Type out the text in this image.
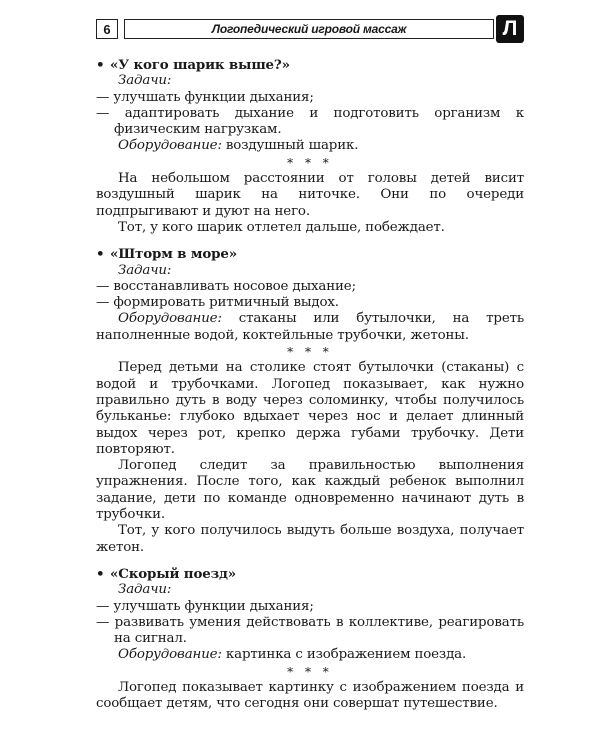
6	Логопедический игровой массаж	Л

• «У кого шарик выше?»

Задачи:

— улучшать функции дыхания;

— адаптировать дыхание и подготовить организм к физическим нагрузкам.

Оборудование: воздушный шарик.

* * *

На небольшом расстоянии от головы детей висит воздушный шарик на ниточке. Они по очереди подпрыгивают и дуют на него.

Тот, у кого шарик отлетел дальше, побеждает.

• «Шторм в море»

Задачи:

— восстанавливать носовое дыхание;

— формировать ритмичный выдох.

Оборудование: стаканы или бутылочки, на треть наполненные водой, коктейльные трубочки, жетоны.

* * *

Перед детьми на столике стоят бутылочки (стаканы) с водой и трубочками. Логопед показывает, как нужно правильно дуть в воду через соломинку, чтобы получилось бульканье: глубоко вдыхает через нос и делает длинный выдох через рот, крепко держа губами трубочку. Дети повторяют.

Логопед следит за правильностью выполнения упражнения. После того, как каждый ребенок выполнил задание, дети по команде одновременно начинают дуть в трубочки.

Тот, у кого получилось выдуть больше воздуха, получает жетон.

• «Скорый поезд»

Задачи:

— улучшать функции дыхания;

— развивать умения действовать в коллективе, реагировать на сигнал.

Оборудование: картинка с изображением поезда.

* * *

Логопед показывает картинку с изображением поезда и сообщает детям, что сегодня они совершат путешествие.
